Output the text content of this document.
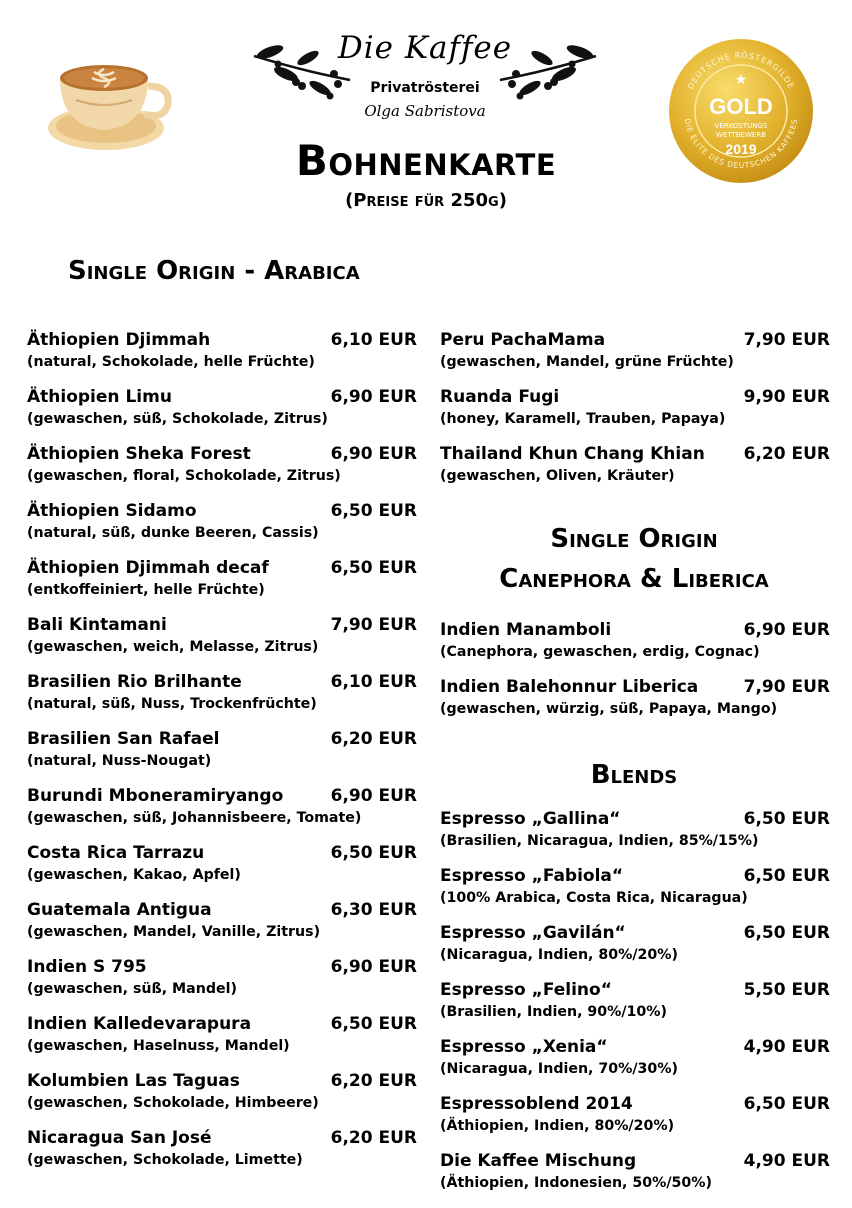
Die Kaffee
Privatrösterei
Olga Sabristova
DEUTSCHE RÖSTERGILDE
DIE ELITE DES DEUTSCHEN KAFFEES
★
GOLD
VERKOSTUNGS
WETTBEWERB
2019
Bohnenkarte
(Preise für 250g)
Single Origin - Arabica
Single Origin
Canephora & Liberica
Blends
Äthiopien Djimmah	6,10 EUR
(natural, Schokolade, helle Früchte)
Äthiopien Limu	6,90 EUR
(gewaschen, süß, Schokolade, Zitrus)
Äthiopien Sheka Forest	6,90 EUR
(gewaschen, floral, Schokolade, Zitrus)
Äthiopien Sidamo	6,50 EUR
(natural, süß, dunke Beeren, Cassis)
Äthiopien Djimmah decaf	6,50 EUR
(entkoffeiniert, helle Früchte)
Bali Kintamani	7,90 EUR
(gewaschen, weich, Melasse, Zitrus)
Brasilien Rio Brilhante	6,10 EUR
(natural, süß, Nuss, Trockenfrüchte)
Brasilien San Rafael	6,20 EUR
(natural, Nuss-Nougat)
Burundi Mboneramiryango	6,90 EUR
(gewaschen, süß, Johannisbeere, Tomate)
Costa Rica Tarrazu	6,50 EUR
(gewaschen, Kakao, Apfel)
Guatemala Antigua	6,30 EUR
(gewaschen, Mandel, Vanille, Zitrus)
Indien S 795	6,90 EUR
(gewaschen, süß, Mandel)
Indien Kalledevarapura	6,50 EUR
(gewaschen, Haselnuss, Mandel)
Kolumbien Las Taguas	6,20 EUR
(gewaschen, Schokolade, Himbeere)
Nicaragua San José	6,20 EUR
(gewaschen, Schokolade, Limette)
Peru PachaMama	7,90 EUR
(gewaschen, Mandel, grüne Früchte)
Ruanda Fugi	9,90 EUR
(honey, Karamell, Trauben, Papaya)
Thailand Khun Chang Khian 6,20 EUR
(gewaschen, Oliven, Kräuter)
Indien Manamboli	6,90 EUR
(Canephora, gewaschen, erdig, Cognac)
Indien Balehonnur Liberica	7,90 EUR
(gewaschen, würzig, süß, Papaya, Mango)
Espresso „Gallina“	6,50 EUR
(Brasilien, Nicaragua, Indien, 85%/15%)
Espresso „Fabiola“	6,50 EUR
(100% Arabica, Costa Rica, Nicaragua)
Espresso „Gavilán“	6,50 EUR
(Nicaragua, Indien, 80%/20%)
Espresso „Felino“	5,50 EUR
(Brasilien, Indien, 90%/10%)
Espresso „Xenia“	4,90 EUR
(Nicaragua, Indien, 70%/30%)
Espressoblend 2014	6,50 EUR
(Äthiopien, Indien, 80%/20%)
Die Kaffee Mischung	4,90 EUR
(Äthiopien, Indonesien, 50%/50%)
